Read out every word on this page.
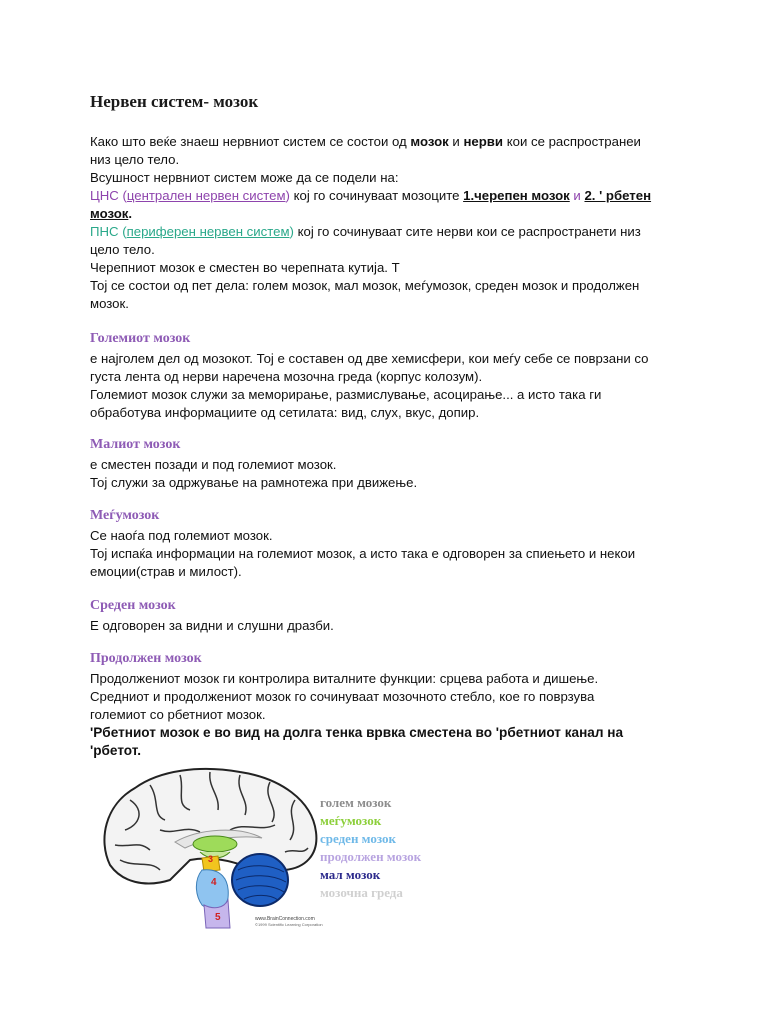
Нервен систем- мозок

Како што веќе знаеш нервниот систем се состои од мозок и нерви кои се распространеи

низ цело тело.

Всушност нервниот систем може да се подели на:

ЦНС (централен нервен систем) кој го сочинуваат мозоците 1.черепен мозок и 2. ' рбетен

мозок.

ПНС (периферен нервен систем) кој го сочинуваат сите нерви кои се распространети низ

цело тело.

Черепниот мозок е сместен во черепната кутија. Т

Тој се состои од пет дела: голем мозок, мал мозок, меѓумозок, среден мозок и продолжен

мозок.

Големиот мозок

е најголем дел од мозокот. Тој е составен од две хемисфери, кои меѓу себе се поврзани со

густа лента од нерви наречена мозочна греда (корпус колозум).

Големиот мозок служи за меморирање, размислување, асоцирање... а исто така ги

обработува информациите од сетилата: вид, слух, вкус, допир.

Малиот мозок

е сместен позади и под големиот мозок.

Тој служи за одржување на рамнотежа при движење.

Меѓумозок

Се наоѓа под големиот мозок.

Тој испаќа информации на големиот мозок, а исто така е одговорен за спиењето и некои

емоции(страв и милост).

Среден мозок

Е одговорен за видни и слушни дразби.

Продолжен мозок

Продолжениот мозок ги контролира виталните функции: срцева работа и дишење.

Средниот и продолжениот мозок го сочинуваат мозочното стебло, кое го поврзува

големиот со рбетниот мозок.

'Рбетниот мозок е во вид на долга тенка врвка сместена во 'рбетниот канал на

'рбетот.

3
4
5	www.BrainConnection.com
©1999 Scientific Learning Corporation
голем мозок
меѓумозок
среден мозок
продолжен мозок
мал мозок
мозочна греда
